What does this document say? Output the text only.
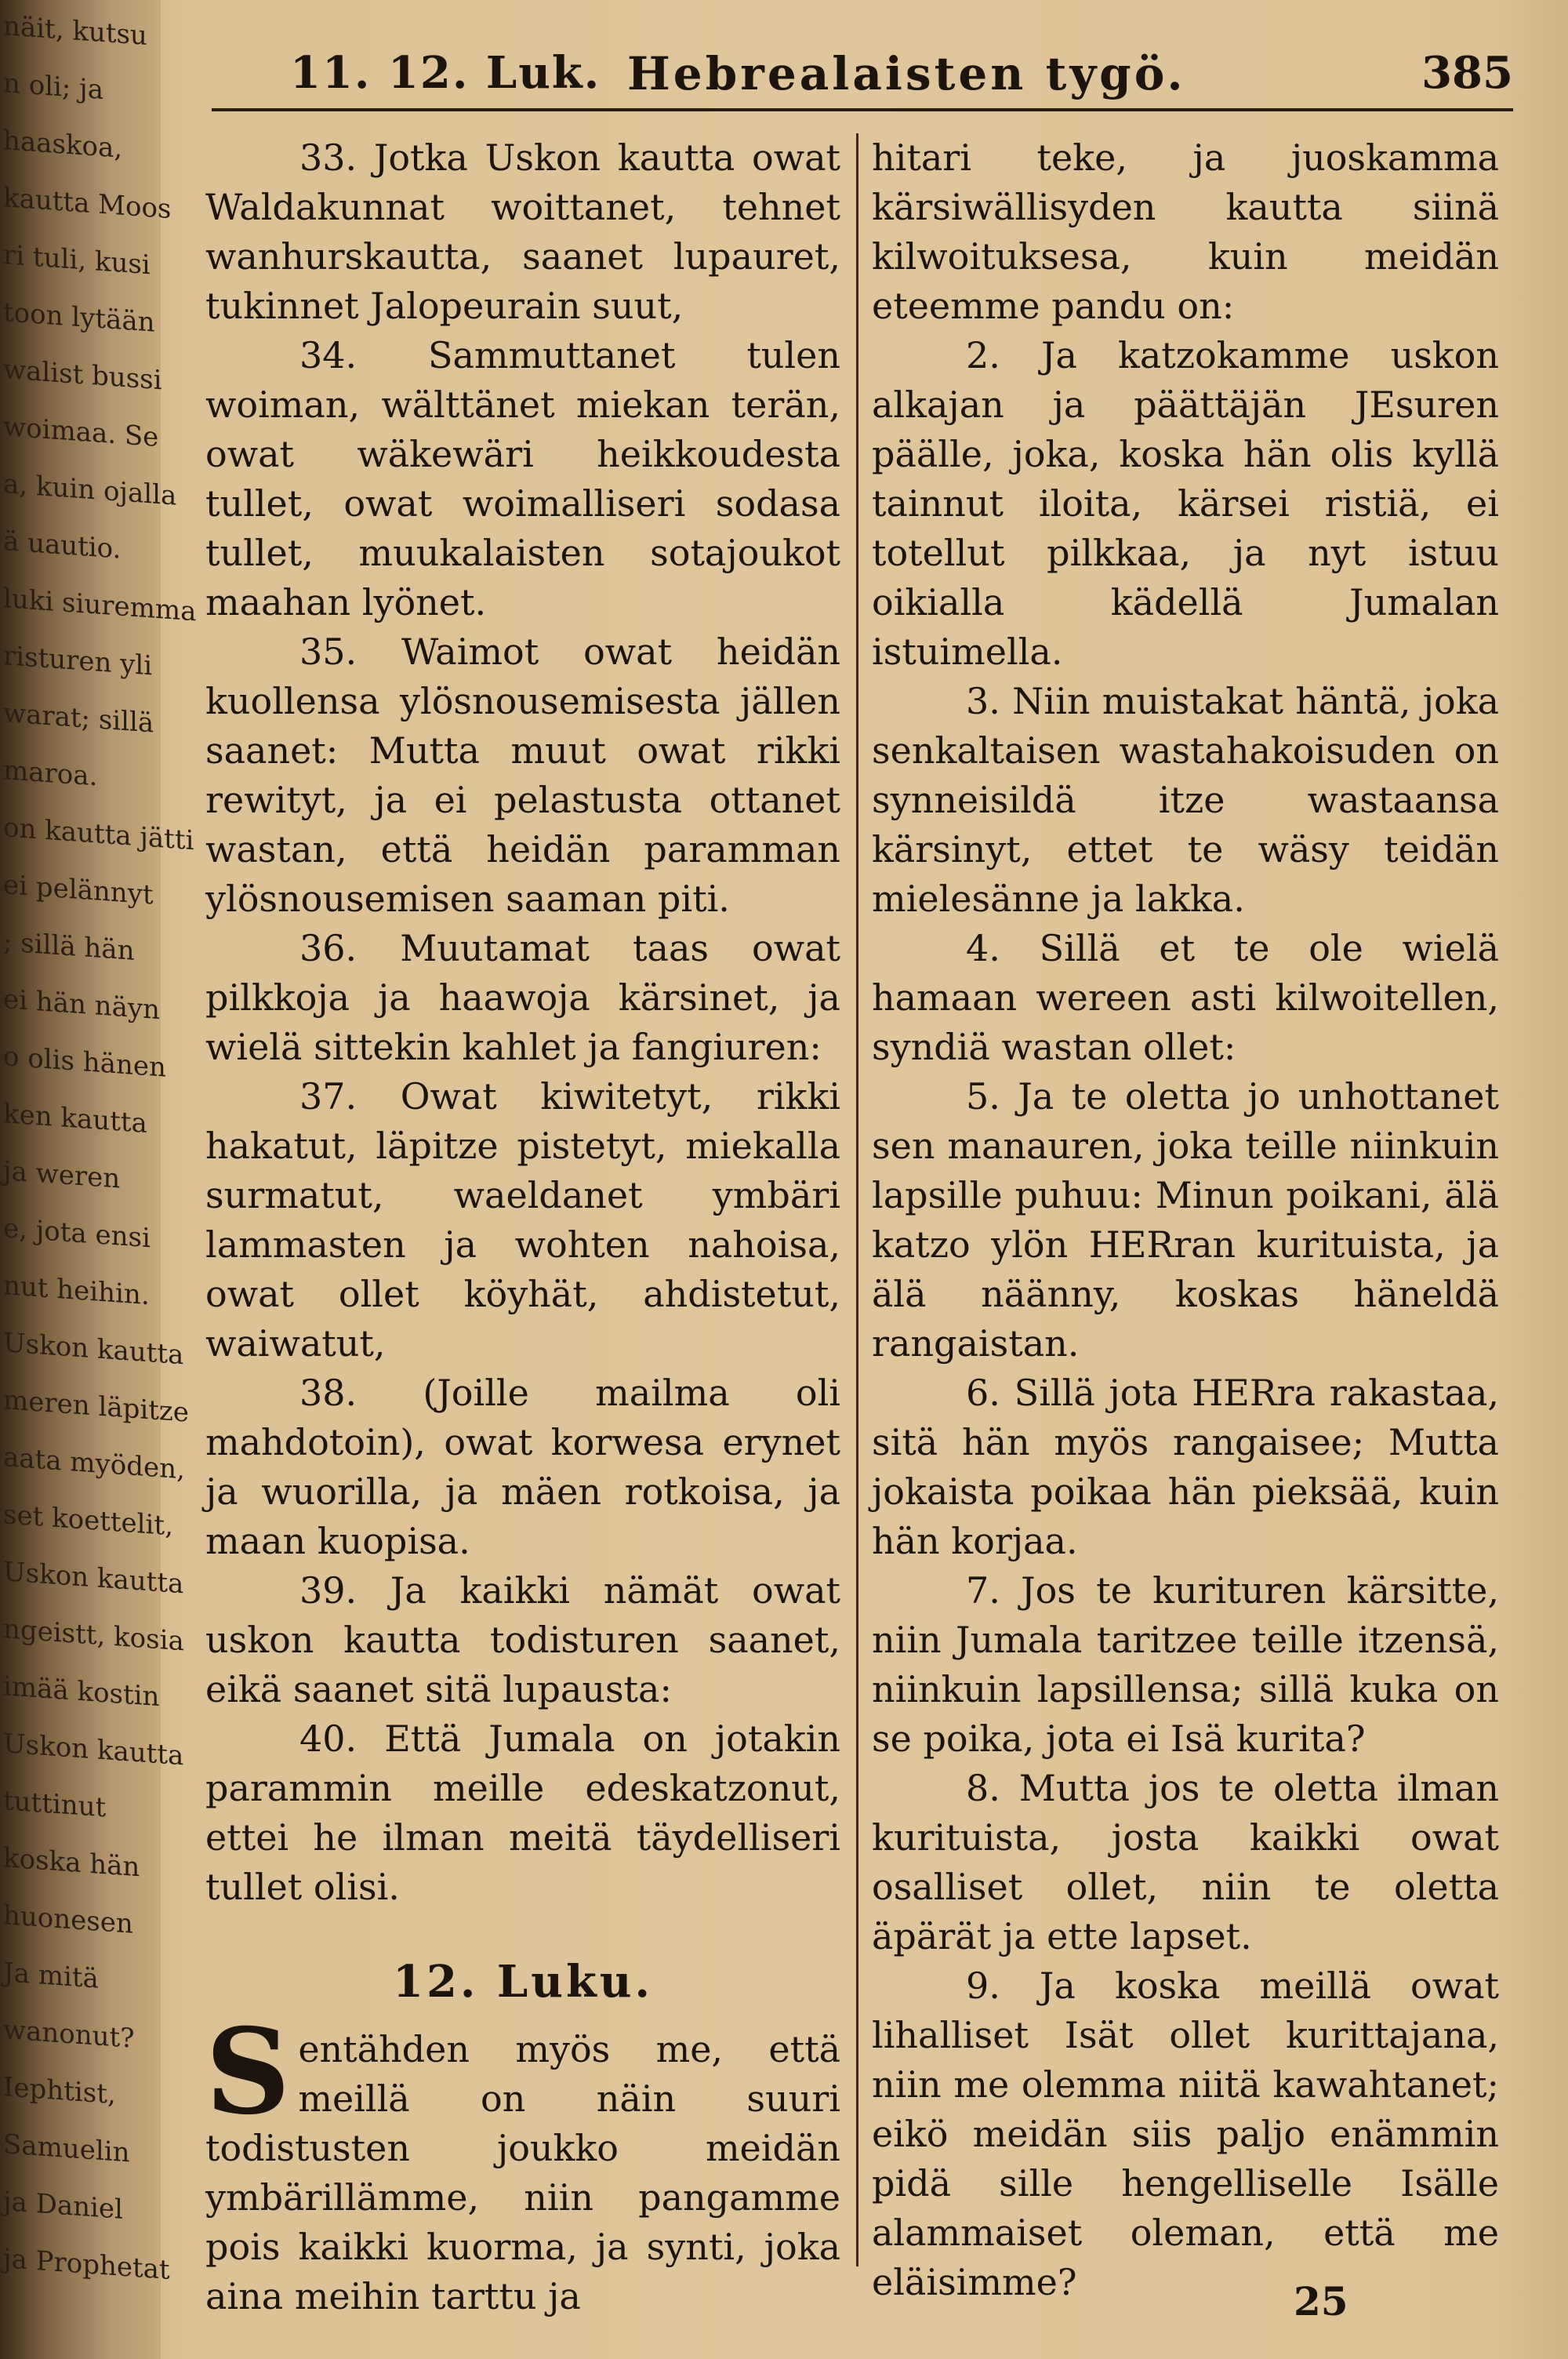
näit, kutsu
n oli; ja
haaskoa,
kautta Moos
ri tuli, kusi
toon lytään
walist bussi
woimaa. Se
a, kuin ojalla
ä uautio.
luki siuremma
risturen yli
warat; sillä
maroa.
on kautta jätti
ei pelännyt
; sillä hän
ei hän näyn
o olis hänen
ken kautta
ja weren
e, jota ensi
nut heihin.
Uskon kautta
meren läpitze
aata myöden,
set koettelit,
Uskon kautta
ngeistt, kosia
imää kostin
Uskon kautta
tuttinut
koska hän
huonesen
Ja mitä
wanonut?
Iephtist,
Samuelin
ja Daniel
ja Prophetat
11. 12. Luk. Hebrealaisten tygö.	385

33. Jotka Uskon kautta owat Waldakunnat woittanet, tehnet wanhurskautta, saanet lupauret, tukinnet Jalopeurain suut,

34. Sammuttanet tulen woiman, wälttänet miekan terän, owat wäkewäri heikkoudesta tullet, owat woimalliseri sodasa tullet, muukalaisten sotajoukot maahan lyönet.

35. Waimot owat heidän kuollensa ylösnousemisesta jällen saanet: Mutta muut owat rikki rewityt, ja ei pelastusta ottanet wastan, että heidän paramman ylösnousemisen saaman piti.

36. Muutamat taas owat pilkkoja ja haawoja kärsinet, ja wielä sittekin kahlet ja fangiuren:

37. Owat kiwitetyt, rikki hakatut, läpitze pistetyt, miekalla surmatut, waeldanet ymbäri lammasten ja wohten nahoisa, owat ollet köyhät, ahdistetut, waiwatut,

38. (Joille mailma oli mahdotoin), owat korwesa erynet ja wuorilla, ja mäen rotkoisa, ja maan kuopisa.

39. Ja kaikki nämät owat uskon kautta todisturen saanet, eikä saanet sitä lupausta:

40. Että Jumala on jotakin parammin meille edeskatzonut, ettei he ilman meitä täydelliseri tullet olisi.

12. Luku.

Sentähden myös me, että meillä on näin suuri todistusten joukko meidän ymbärillämme, niin pangamme pois kaikki kuorma, ja synti, joka aina meihin tarttu ja

hitari teke, ja juoskamma kärsiwällisyden kautta siinä kilwoituksesa, kuin meidän eteemme pandu on:

2. Ja katzokamme uskon alkajan ja päättäjän JEsuren päälle, joka, koska hän olis kyllä tainnut iloita, kärsei ristiä, ei totellut pilkkaa, ja nyt istuu oikialla kädellä Jumalan istuimella.

3. Niin muistakat häntä, joka senkaltaisen wastahakoisuden on synneisildä itze wastaansa kärsinyt, ettet te wäsy teidän mielesänne ja lakka.

4. Sillä et te ole wielä hamaan wereen asti kilwoitellen, syndiä wastan ollet:

5. Ja te oletta jo unhottanet sen manauren, joka teille niinkuin lapsille puhuu: Minun poikani, älä katzo ylön HERran kurituista, ja älä näänny, koskas häneldä rangaistan.

6. Sillä jota HERra rakastaa, sitä hän myös rangaisee; Mutta jokaista poikaa hän pieksää, kuin hän korjaa.

7. Jos te kurituren kärsitte, niin Jumala taritzee teille itzensä, niinkuin lapsillensa; sillä kuka on se poika, jota ei Isä kurita?

8. Mutta jos te oletta ilman kurituista, josta kaikki owat osalliset ollet, niin te oletta äpärät ja ette lapset.

9. Ja koska meillä owat lihalliset Isät ollet kurittajana, niin me olemma niitä kawahtanet; eikö meidän siis paljo enämmin pidä sille hengelliselle Isälle alammaiset oleman, että me eläisimme?	25
